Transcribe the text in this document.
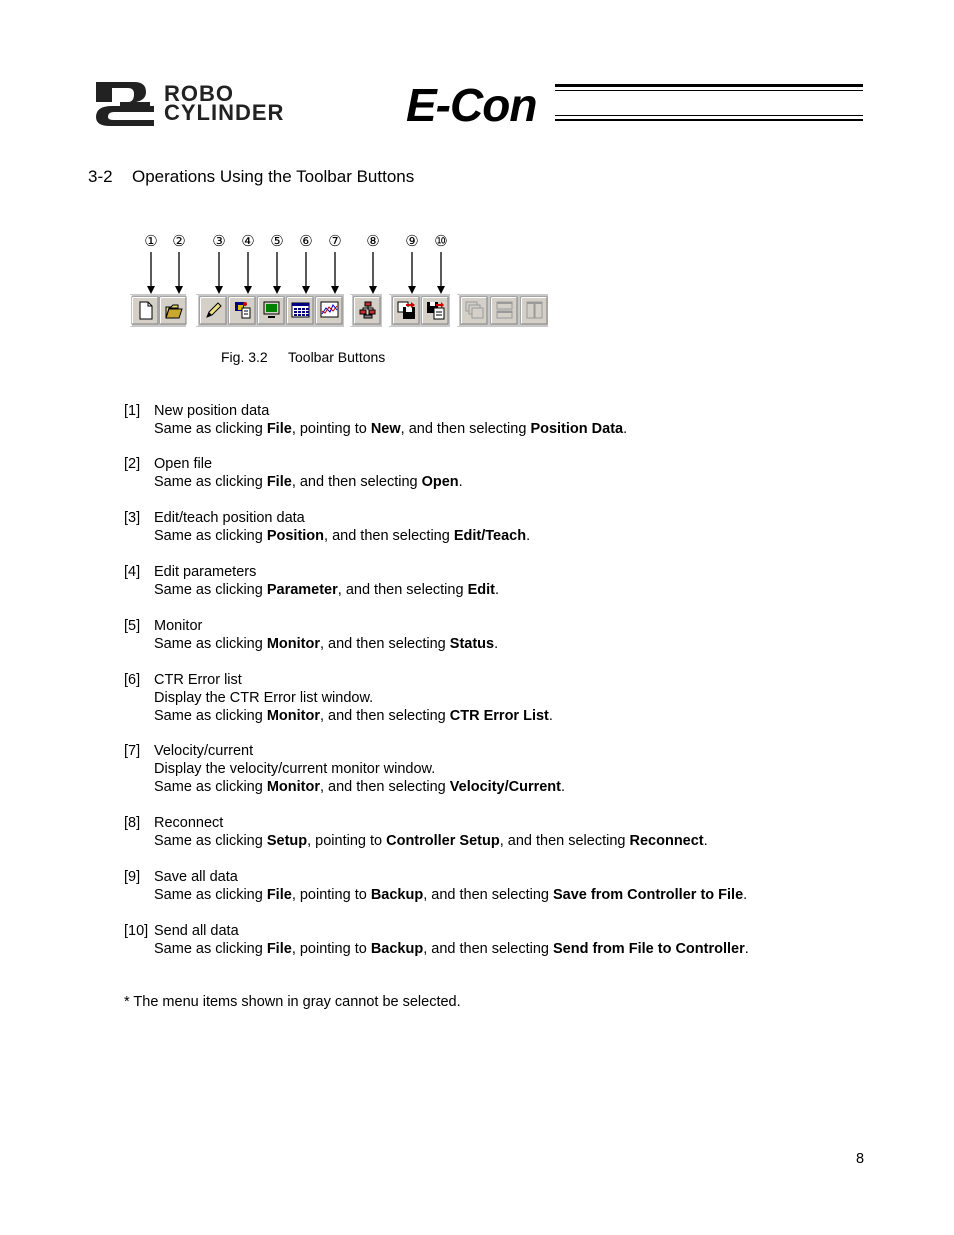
ROBO
CYLINDER	E-Con
3-2 Operations Using the Toolbar Buttons
① ② ③ ④ ⑤ ⑥ ⑦ ⑧ ⑨ ⑩
Fig. 3.2 Toolbar Buttons
[1] New position data
Same as clicking File, pointing to New, and then selecting Position Data.
[2] Open file
Same as clicking File, and then selecting Open.
[3] Edit/teach position data
Same as clicking Position, and then selecting Edit/Teach.
[4] Edit parameters
Same as clicking Parameter, and then selecting Edit.
[5] Monitor
Same as clicking Monitor, and then selecting Status.
[6] CTR Error list
Display the CTR Error list window.
Same as clicking Monitor, and then selecting CTR Error List.
[7] Velocity/current
Display the velocity/current monitor window.
Same as clicking Monitor, and then selecting Velocity/Current.
[8] Reconnect
Same as clicking Setup, pointing to Controller Setup, and then selecting Reconnect.
[9] Save all data
Same as clicking File, pointing to Backup, and then selecting Save from Controller to File.
[10] Send all data
Same as clicking File, pointing to Backup, and then selecting Send from File to Controller.
* The menu items shown in gray cannot be selected.
8
